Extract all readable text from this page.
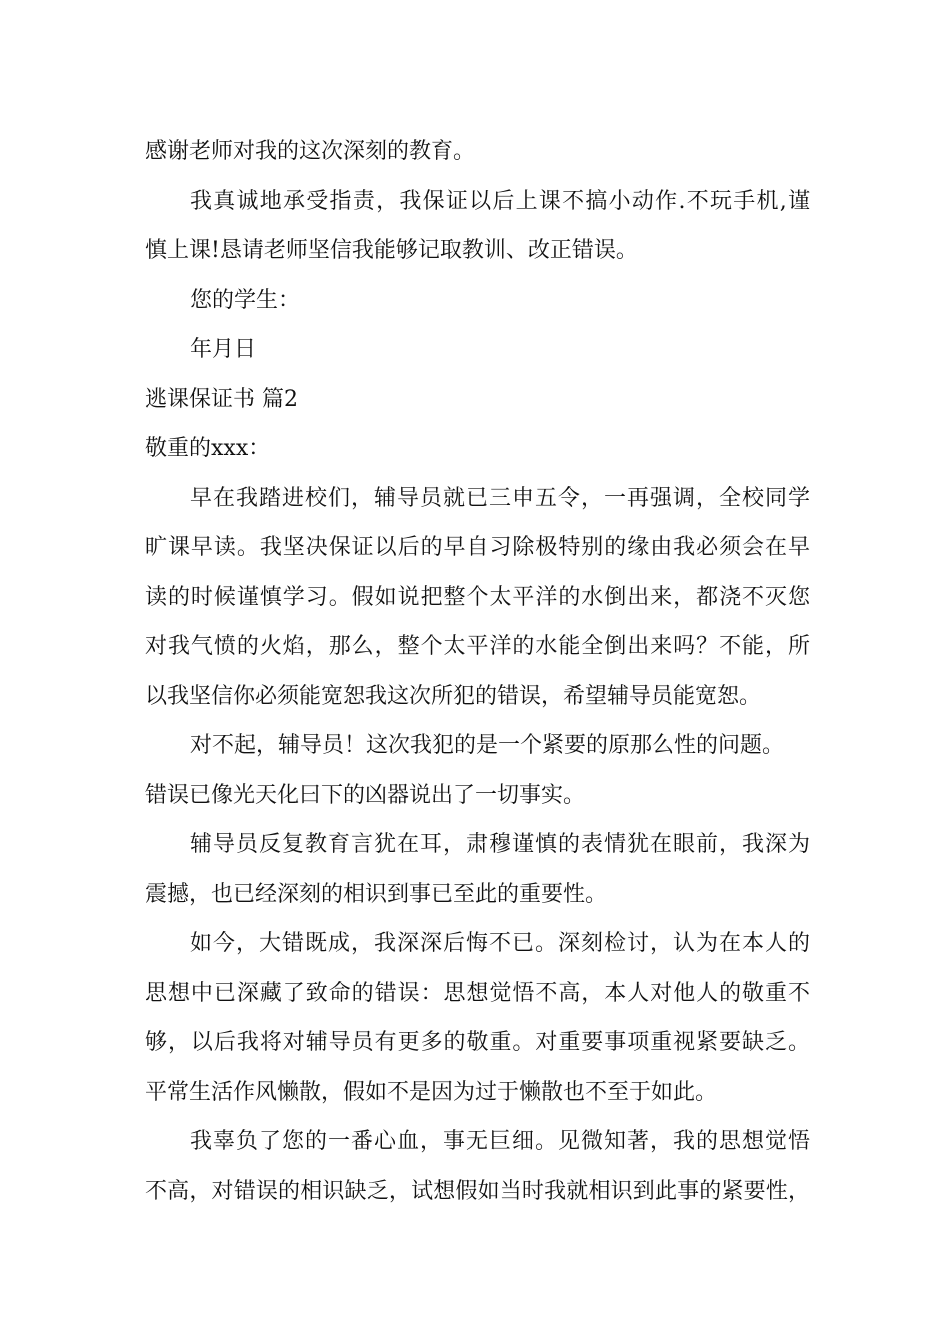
感谢老师对我的这次深刻的教育。
我真诚地承受指责，我保证以后上课不搞小动作.不玩手机,谨
慎上课!恳请老师坚信我能够记取教训、改正错误。
您的学生：
年月日
逃课保证书 篇2
敬重的xxx：
早在我踏进校们，辅导员就已三申五令，一再强调，全校同学
旷课早读。我坚决保证以后的早自习除极特别的缘由我必须会在早
读的时候谨慎学习。假如说把整个太平洋的水倒出来，都浇不灭您
对我气愤的火焰，那么，整个太平洋的水能全倒出来吗？不能，所
以我坚信你必须能宽恕我这次所犯的错误，希望辅导员能宽恕。
对不起，辅导员！这次我犯的是一个紧要的原那么性的问题。
错误已像光天化曰下的凶器说出了一切事实。
辅导员反复教育言犹在耳，肃穆谨慎的表情犹在眼前，我深为
震撼，也已经深刻的相识到事已至此的重要性。
如今，大错既成，我深深后悔不已。深刻检讨，认为在本人的
思想中已深藏了致命的错误：思想觉悟不高，本人对他人的敬重不
够，以后我将对辅导员有更多的敬重。对重要事项重视紧要缺乏。
平常生活作风懒散，假如不是因为过于懒散也不至于如此。
我辜负了您的一番心血，事无巨细。见微知著，我的思想觉悟
不高，对错误的相识缺乏，试想假如当时我就相识到此事的紧要性，
